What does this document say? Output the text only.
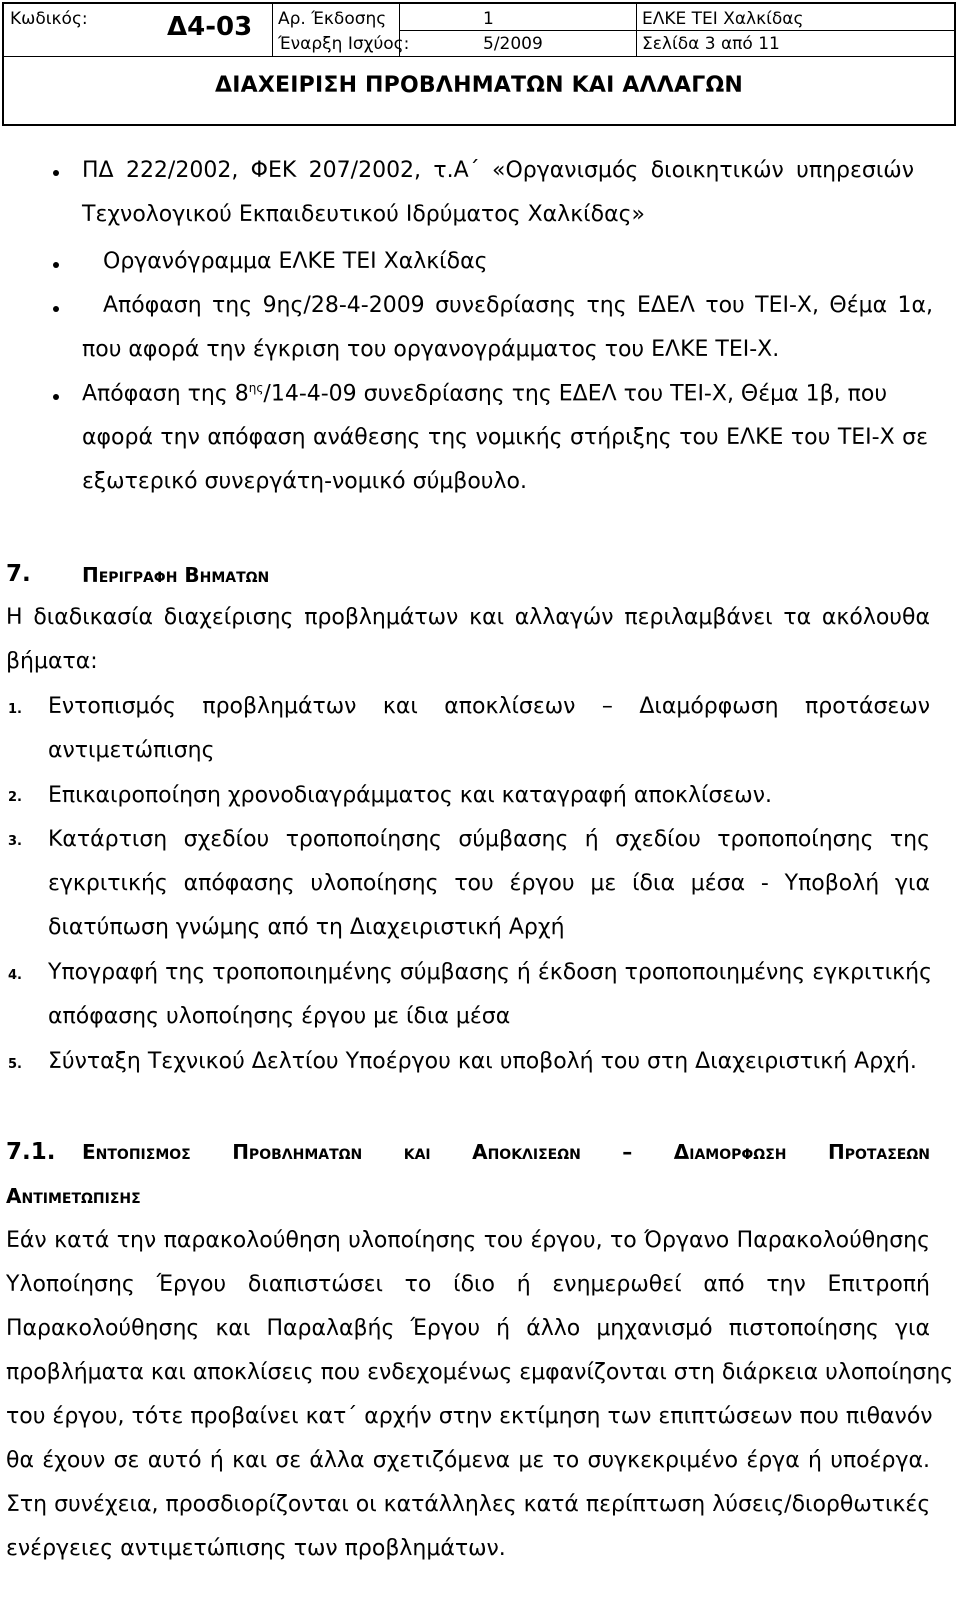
Κωδικός:	Δ4-03 Αρ. Έκδοσης	1	ΕΛΚΕ ΤΕΙ Χαλκίδας
Έναρξη Ισχύος:	5/2009	Σελίδα 3 από 11
ΔΙΑΧΕΙΡΙΣΗ ΠΡΟΒΛΗΜΑΤΩΝ ΚΑΙ ΑΛΛΑΓΩΝ
ΠΔ 222/2002, ΦΕΚ 207/2002, τ.Α΄ «Οργανισμός διοικητικών υπηρεσιών
Τεχνολογικού Εκπαιδευτικού Ιδρύματος Χαλκίδας»
Οργανόγραμμα ΕΛΚΕ ΤΕΙ Χαλκίδας
Απόφαση της 9ης/28-4-2009 συνεδρίασης της ΕΔΕΛ του ΤΕΙ-Χ, Θέμα 1α,
που αφορά την έγκριση του οργανογράμματος του ΕΛΚΕ ΤΕΙ-Χ.
Απόφαση της $8^{\eta\varsigma}/14-4-09$ συνεδρίασης της ΕΔΕΛ του ΤΕΙ-Χ, Θέμα 1β, που
αφορά την απόφαση ανάθεσης της νομικής στήριξης του ΕΛΚΕ του ΤΕΙ-Χ σε
εξωτερικό συνεργάτη-νομικό σύμβουλο.
7.	Περιγραφη Βηματων
Η διαδικασία διαχείρισης προβλημάτων και αλλαγών περιλαμβάνει τα ακόλουθα
βήματα:
1. Εντοπισμός προβλημάτων και αποκλίσεων – Διαμόρφωση προτάσεων
αντιμετώπισης
2. Επικαιροποίηση χρονοδιαγράμματος και καταγραφή αποκλίσεων.
3. Κατάρτιση σχεδίου τροποποίησης σύμβασης ή σχεδίου τροποποίησης της
εγκριτικής απόφασης υλοποίησης του έργου με ίδια μέσα - Υποβολή για
διατύπωση γνώμης από τη Διαχειριστική Αρχή
4. Υπογραφή της τροποποιημένης σύμβασης ή έκδοση τροποποιημένης εγκριτικής
απόφασης υλοποίησης έργου με ίδια μέσα
5. Σύνταξη Τεχνικού Δελτίου Υποέργου και υποβολή του στη Διαχειριστική Αρχή.
7.1. Εντοπισμος Προβληματων και Αποκλισεων – Διαμορφωση Προτασεων
Αντιμετωπισης
Εάν κατά την παρακολούθηση υλοποίησης του έργου, το Όργανο Παρακολούθησης
Υλοποίησης Έργου διαπιστώσει το ίδιο ή ενημερωθεί από την Επιτροπή
Παρακολούθησης και Παραλαβής Έργου ή άλλο μηχανισμό πιστοποίησης για
προβλήματα και αποκλίσεις που ενδεχομένως εμφανίζονται στη διάρκεια υλοποίησης
του έργου, τότε προβαίνει κατ΄ αρχήν στην εκτίμηση των επιπτώσεων που πιθανόν
θα έχουν σε αυτό ή και σε άλλα σχετιζόμενα με το συγκεκριμένο έργα ή υποέργα.
Στη συνέχεια, προσδιορίζονται οι κατάλληλες κατά περίπτωση λύσεις/διορθωτικές
ενέργειες αντιμετώπισης των προβλημάτων.
